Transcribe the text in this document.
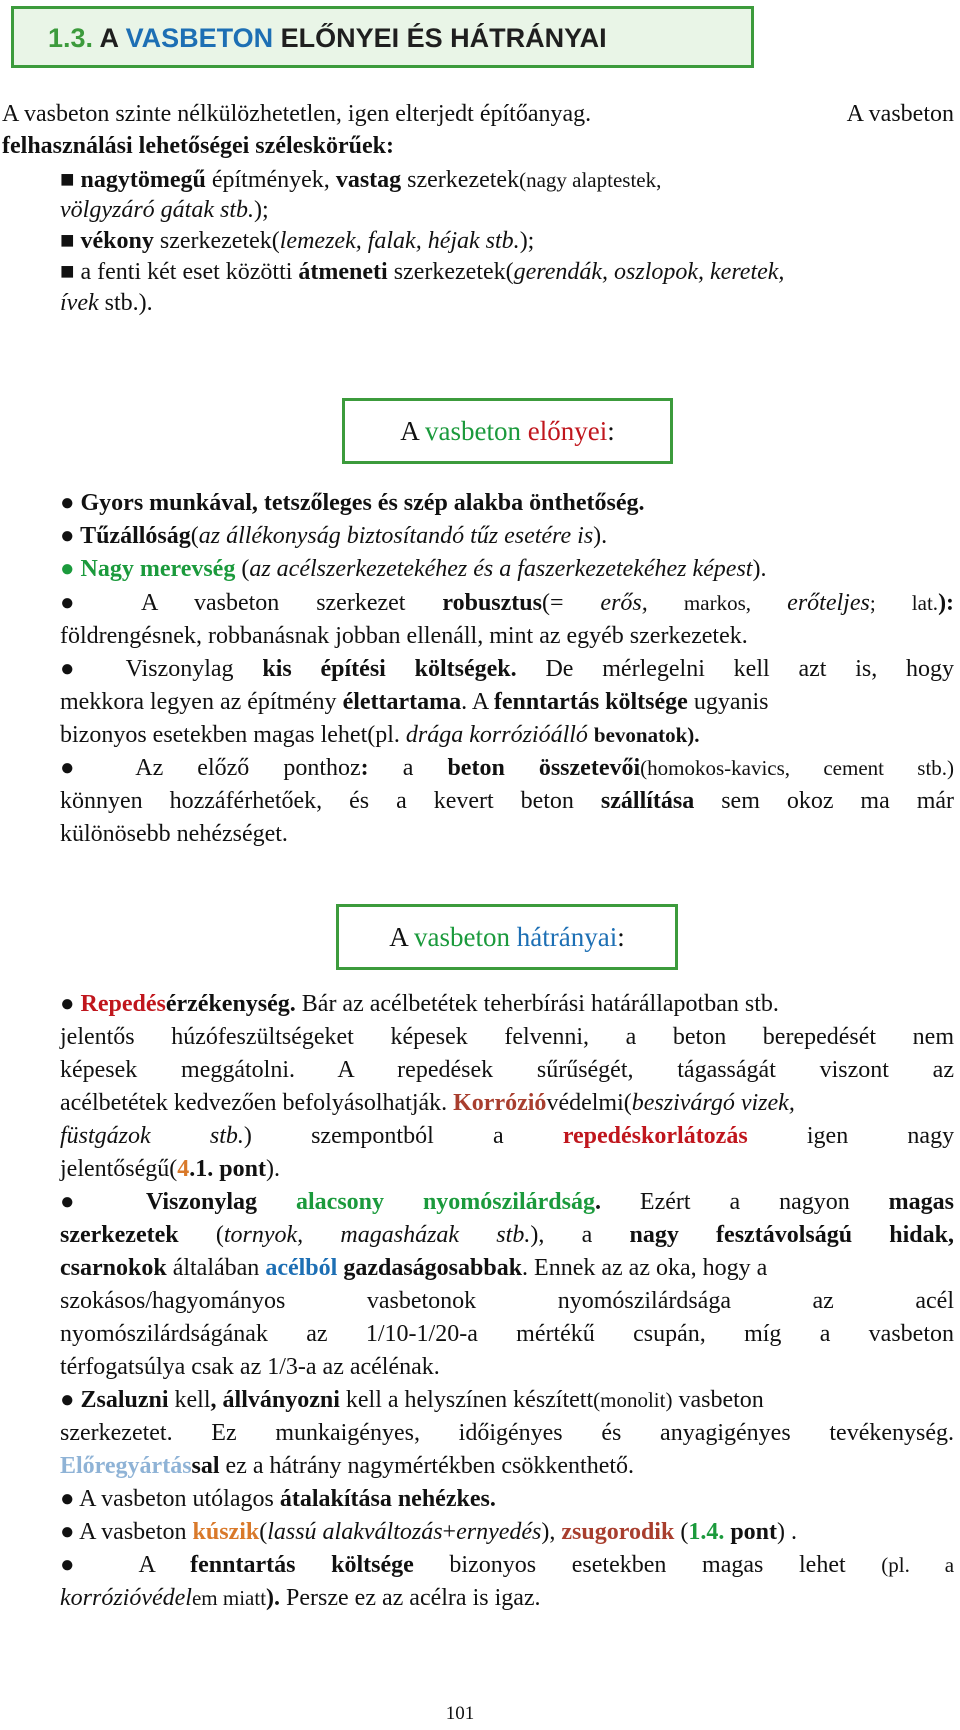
1.3. A VASBETON ELŐNYEI ÉS HÁTRÁNYAI
A vasbeton szinte nélkülözhetetlen, igen elterjedt építőanyag.	A vasbeton
felhasználási lehetőségei széleskörűek:
■ nagytömegű építmények, vastag szerkezetek(nagy alaptestek,
völgyzáró gátak stb.);
■ vékony szerkezetek(lemezek, falak, héjak stb.);
■ a fenti két eset közötti átmeneti szerkezetek(gerendák, oszlopok, keretek,
ívek stb.).
A vasbeton előnyei:
● Gyors munkával, tetszőleges és szép alakba önthetőség.
● Tűzállóság(az állékonyság biztosítandó tűz esetére is).
● Nagy merevség (az acélszerkezetekéhez és a faszerkezetekéhez képest).
● A vasbeton szerkezet robusztus(= erős, markos, erőteljes; lat.):
földrengésnek, robbanásnak jobban ellenáll, mint az egyéb szerkezetek.
● Viszonylag kis építési költségek. De mérlegelni kell azt is, hogy
mekkora legyen az építmény élettartama. A fenntartás költsége ugyanis
bizonyos esetekben magas lehet(pl. drága korrózióálló bevonatok).
● Az előző ponthoz: a beton összetevői(homokos-kavics, cement stb.)
könnyen hozzáférhetőek, és a kevert beton szállítása sem okoz ma már
különösebb nehézséget.
A vasbeton hátrányai:
● Repedésérzékenység. Bár az acélbetétek teherbírási határállapotban stb.
jelentős húzófeszültségeket képesek felvenni, a beton berepedését nem
képesek meggátolni. A repedések sűrűségét, tágasságát viszont az
acélbetétek kedvezően befolyásolhatják. Korrózióvédelmi(beszivárgó vizek,
füstgázok stb.) szempontból a repedéskorlátozás igen nagy
jelentőségű(4.1. pont).
● Viszonylag alacsony nyomószilárdság. Ezért a nagyon magas
szerkezetek (tornyok, magasházak stb.), a nagy fesztávolságú hidak,
csarnokok általában acélból gazdaságosabbak. Ennek az az oka, hogy a
szokásos/hagyományos vasbetonok nyomószilárdsága az acél
nyomószilárdságának az 1/10-1/20-a mértékű csupán, míg a vasbeton
térfogatsúlya csak az 1/3-a az acélénak.
● Zsaluzni kell, állványozni kell a helyszínen készített(monolit) vasbeton
szerkezetet. Ez munkaigényes, időigényes és anyagigényes tevékenység.
Előregyártással ez a hátrány nagymértékben csökkenthető.
● A vasbeton utólagos átalakítása nehézkes.
● A vasbeton kúszik(lassú alakváltozás+ernyedés), zsugorodik (1.4. pont) .
● A fenntartás költsége bizonyos esetekben magas lehet (pl. a
korrózióvédelem miatt). Persze ez az acélra is igaz.
101
